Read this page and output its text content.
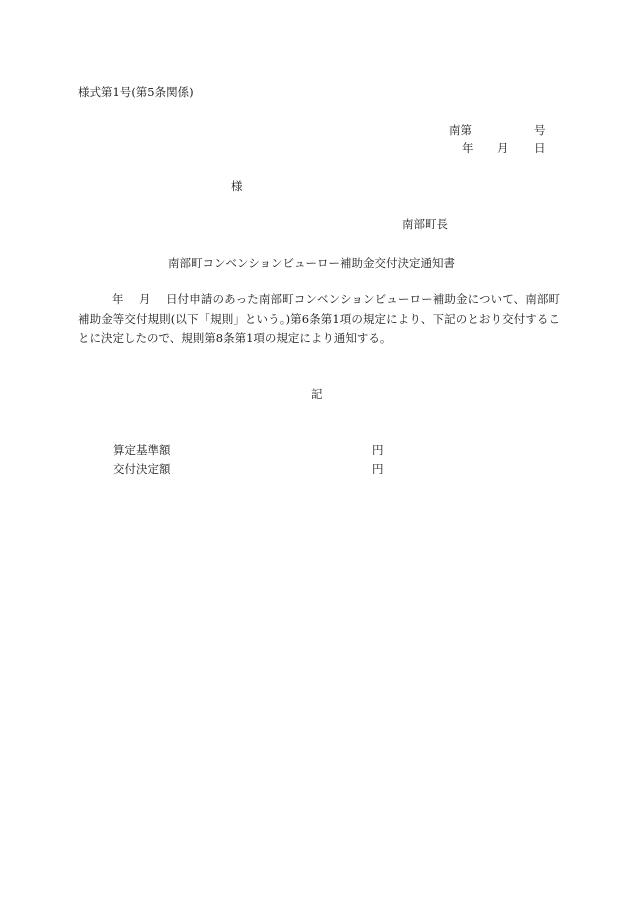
様式第1号(第5条関係)
南第	号
年 月 日
様
南部町長
南部町コンベンションビューロー補助金交付決定通知書
年　 月　 日付申請のあった南部町コンベンションビューロー補助金について、南部町補助金等交付規則(以下「規則」という。)第6条第1項の規定により、下記のとおり交付することに決定したので、規則第8条第1項の規定により通知する。
記
算定基準額	円
交付決定額	円
